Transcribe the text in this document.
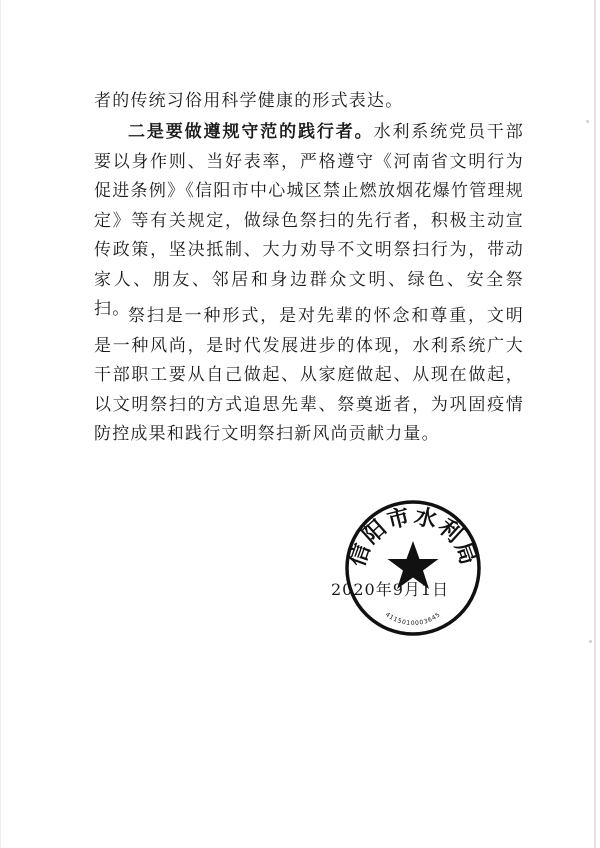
者的传统习俗用科学健康的形式表达。

二是要做遵规守范的践行者。水利系统党员干部要以身作则、当好表率，严格遵守《河南省文明行为促进条例》《信阳市中心城区禁止燃放烟花爆竹管理规定》等有关规定，做绿色祭扫的先行者，积极主动宣传政策，坚决抵制、大力劝导不文明祭扫行为，带动家人、朋友、邻居和身边群众文明、绿色、安全祭扫。

祭扫是一种形式，是对先辈的怀念和尊重，文明是一种风尚，是时代发展进步的体现，水利系统广大干部职工要从自己做起、从家庭做起、从现在做起，以文明祭扫的方式追思先辈、祭奠逝者，为巩固疫情防控成果和践行文明祭扫新风尚贡献力量。

2020年9月1日
信阳市水利局
4115010003645
